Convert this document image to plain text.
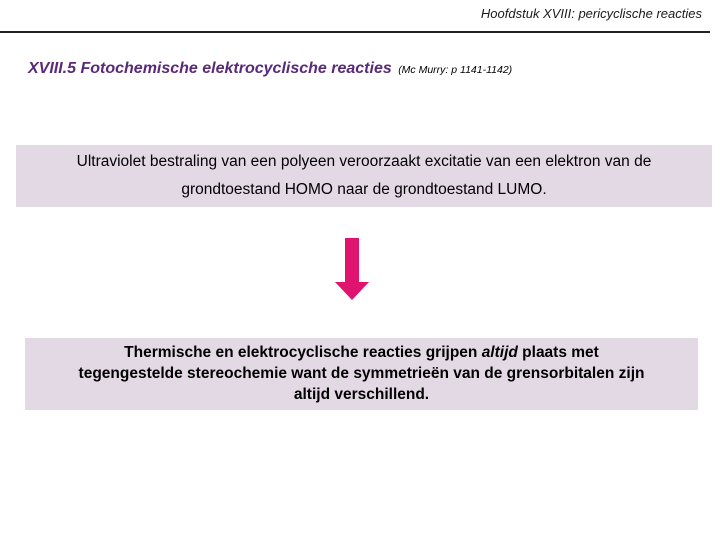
Hoofdstuk XVIII: pericyclische reacties
XVIII.5 Fotochemische elektrocyclische reacties (Mc Murry: p 1141-1142)
Ultraviolet bestraling van een polyeen veroorzaakt excitatie van een elektron van de
grondtoestand HOMO naar de grondtoestand LUMO.
Thermische en elektrocyclische reacties grijpen altijd plaats met
tegengestelde stereochemie want de symmetrieën van de grensorbitalen zijn
altijd verschillend.
